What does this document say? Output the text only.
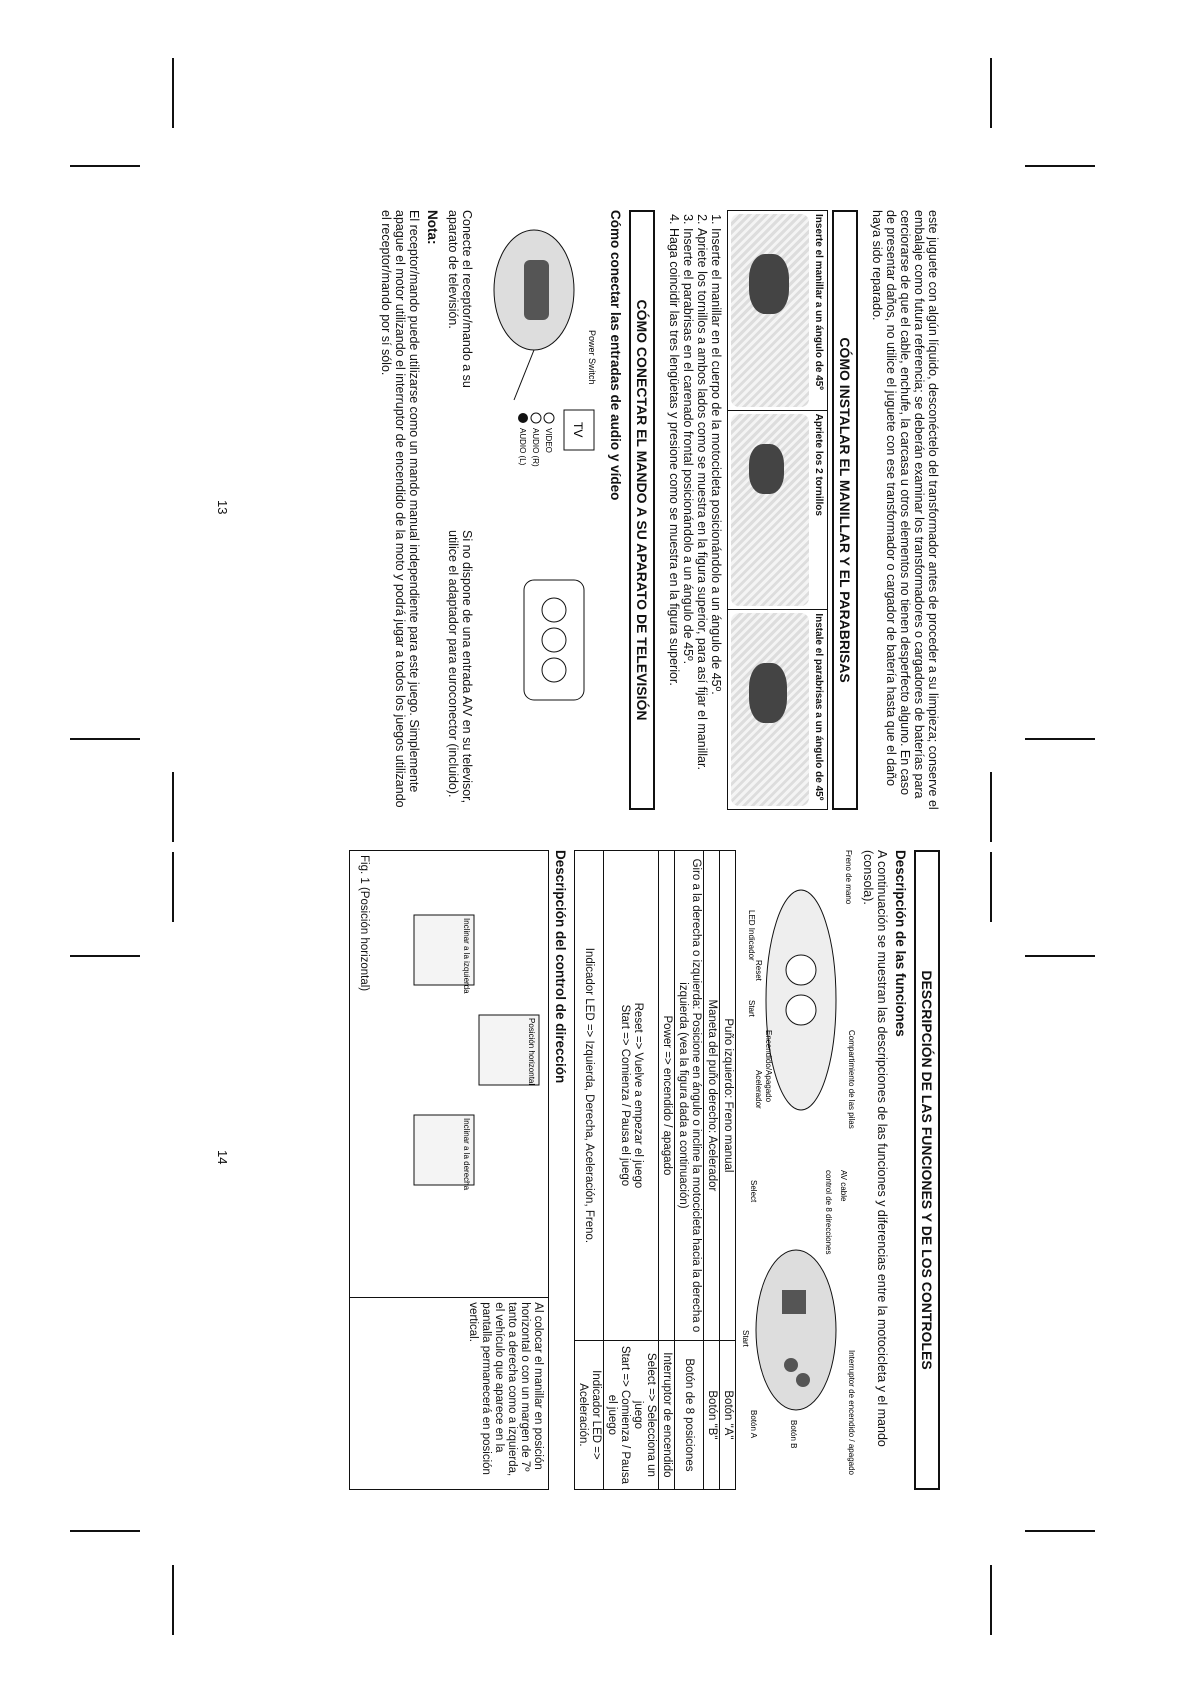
este juguete con algún líquido, desconéctelo del transformador antes de proceder a su limpieza; conserve el embalaje como futura referencia; se deberán examinar los transformadores o cargadores de baterías para cerciorarse de que el cable, enchufe, la carcasa u otros elementos no tienen desperfecto alguno. En caso de presentar daños, no utilice el juguete con ese transformador o cargador de batería hasta que el daño haya sido reparado.

CÓMO INSTALAR EL MANILLAR Y EL PARABRISAS
Inserte el manillar a un ángulo de 45º

Apriete los 2 tornillos

Instale el parabrisas a un ángulo de 45º
1. Inserte el manillar en el cuerpo de la motocicleta posicionándolo a un ángulo de 45º.
2. Apriete los tornillos a ambos lados como se muestra en la figura superior, para así fijar el manillar.
3. Inserte el parabrisas en el carenado frontal posicionándolo a un ángulo de 45º.
4. Haga coincidir las tres lengüetas y presione como se muestra en la figura superior.
CÓMO CONECTAR EL MANDO A SU APARATO DE TELEVISIÓN
Cómo conectar las entradas de audio y vídeo
Power Switch
TV
VIDEO
AUDIO (R)
AUDIO (L)

Conecte el receptor/mando a su aparato de televisión.

Si no dispone de una entrada A/V en su televisor, utilice el adaptador para euroconector (incluido).

Nota:

El receptor/mando puede utilizarse como un mando manual independiente para este juego. Simplemente apague el motor utilizando el interruptor de encendido de la moto y podrá jugar a todos los juegos utilizando el receptor/mando por sí sólo.

13
DESCRIPCIÓN DE LAS FUNCIONES Y DE LOS CONTROLES
Descripción de las funciones

A continuación se muestran las descripciones de las funciones y diferencias entre la motocicleta y el mando (consola).

Freno de mano
LED Indicador
Reset
Start
Encendido/Apagado
Acelerador	Compartimiento de las pilas
AV cable
control de 8 direcciones
Select
Start
Botón A	Botón B	Interruptor de encendido / apagado
Puño izquierdo: Freno manual	Botón "A"
Maneta del puño derecho: Acelerador	Botón "B"
Giro a la derecha o izquierda: Posicione en ángulo o incline la motocicleta hacia la derecha o izquierda (vea la figura dada a continuación)	Botón de 8 posiciones
Power => encendido / apagado	Interruptor de encendido
Reset => Vuelve a empezar el juego
Start => Comienza / Pausa el juego	Select => Selecciona un juego
Start => Comienza / Pausa el juego
Indicador LED => Izquierda, Derecha, Aceleración, Freno.	Indicador LED => Aceleración.
Descripción del control de dirección
Posición horizontal
Inclinar a la izquierda
Inclinar a la derecha
Fig. 1 (Posición horizontal)
	Al colocar el manillar en posición horizontal o con un margen de 7º tanto a derecha como a izquierda, el vehículo que aparece en la pantalla permanecerá en posición vertical.
14
